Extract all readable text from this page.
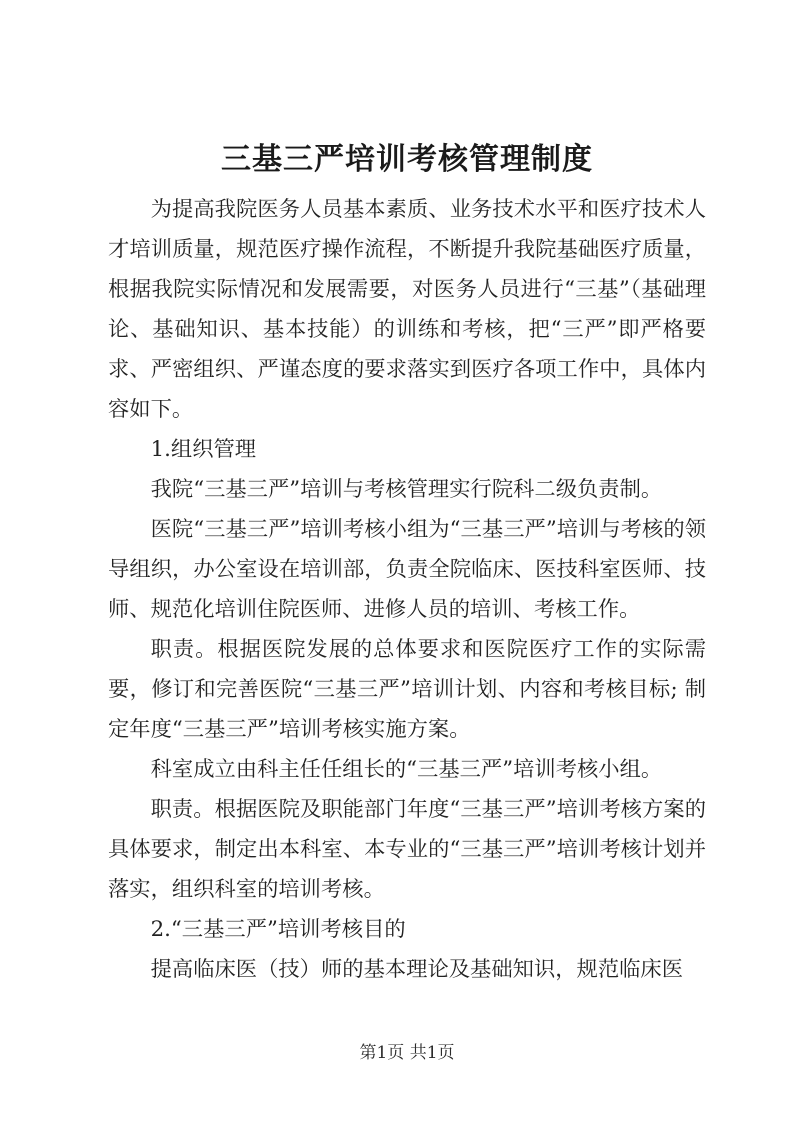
三基三严培训考核管理制度

为提高我院医务人员基本素质、业务技术水平和医疗技术人才培训质量，规范医疗操作流程，不断提升我院基础医疗质量，根据我院实际情况和发展需要，对医务人员进行“三基”（基础理论、基础知识、基本技能）的训练和考核，把“三严”即严格要求、严密组织、严谨态度的要求落实到医疗各项工作中，具体内容如下。

1.组织管理

我院“三基三严”培训与考核管理实行院科二级负责制。

医院“三基三严”培训考核小组为“三基三严”培训与考核的领导组织，办公室设在培训部，负责全院临床、医技科室医师、技师、规范化培训住院医师、进修人员的培训、考核工作。

职责。根据医院发展的总体要求和医院医疗工作的实际需要，修订和完善医院“三基三严”培训计划、内容和考核目标; 制定年度“三基三严”培训考核实施方案。

科室成立由科主任任组长的“三基三严”培训考核小组。

职责。根据医院及职能部门年度“三基三严”培训考核方案的具体要求，制定出本科室、本专业的“三基三严”培训考核计划并落实，组织科室的培训考核。

2.“三基三严”培训考核目的

提高临床医（技）师的基本理论及基础知识，规范临床医

第1页 共1页
